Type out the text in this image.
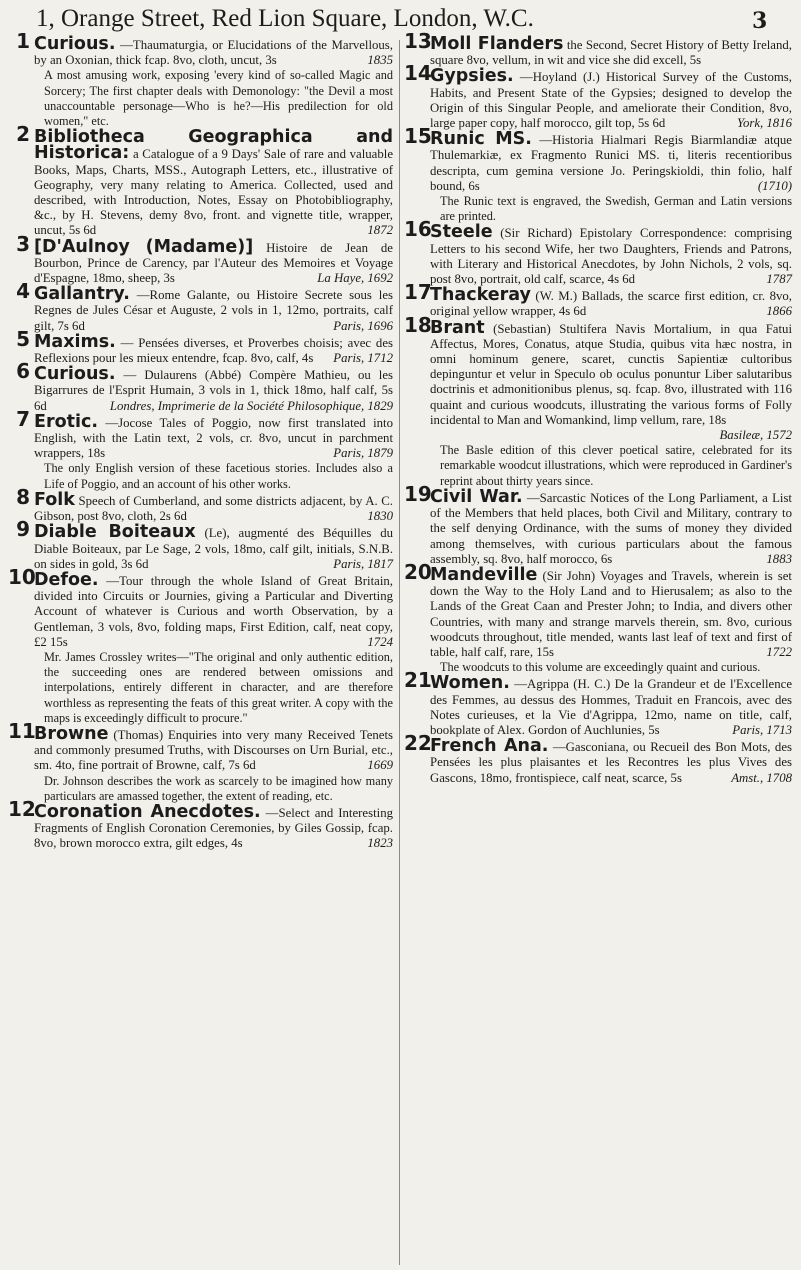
1, Orange Street, Red Lion Square, London, W.C.	3
1 Curious. —Thaumaturgia, or Elucidations of the Marvellous, by an Oxonian, thick fcap. 8vo, cloth, uncut, 3s	1835
A most amusing work, exposing 'every kind of so-called Magic and Sorcery; The first chapter deals with Demonology: "the Devil a most unaccountable personage—Who is he?—His predilection for old women," etc.
2 Bibliotheca Geographica and Historica: a Catalogue of a 9 Days' Sale of rare and valuable Books, Maps, Charts, MSS., Autograph Letters, etc., illustrative of Geography, very many relating to America. Collected, used and described, with Introduction, Notes, Essay on Photobibliography, &c., by H. Stevens, demy 8vo, front. and vignette title, wrapper, uncut, 5s 6d	1872
3 [D'Aulnoy (Madame)] Histoire de Jean de Bourbon, Prince de Carency, par l'Auteur des Memoires et Voyage d'Espagne, 18mo, sheep, 3s	La Haye, 1692
4 Gallantry. —Rome Galante, ou Histoire Secrete sous les Regnes de Jules César et Auguste, 2 vols in 1, 12mo, portraits, calf gilt, 7s 6d	Paris, 1696
5 Maxims. — Pensées diverses, et Proverbes choisis; avec des Reflexions pour les mieux entendre, fcap. 8vo, calf, 4s Paris, 1712
6 Curious. — Dulaurens (Abbé) Compère Mathieu, ou les Bigarrures de l'Esprit Humain, 3 vols in 1, thick 18mo, half calf, 5s 6d	Londres, Imprimerie de la Société Philosophique, 1829
7 Erotic. —Jocose Tales of Poggio, now first translated into English, with the Latin text, 2 vols, cr. 8vo, uncut in parchment wrappers, 18s	Paris, 1879
The only English version of these facetious stories. Includes also a Life of Poggio, and an account of his other works.
8 Folk Speech of Cumberland, and some districts adjacent, by A. C. Gibson, post 8vo, cloth, 2s 6d	1830
9 Diable Boiteaux (Le), augmenté des Béquilles du Diable Boiteaux, par Le Sage, 2 vols, 18mo, calf gilt, initials, S.N.B. on sides in gold, 3s 6d	Paris, 1817
10
Defoe. —Tour through the whole Island of Great Britain, divided into Circuits or Journies, giving a Particular and Diverting Account of whatever is Curious and worth Observation, by a Gentleman, 3 vols, 8vo, folding maps, First Edition, calf, neat copy, £2 15s	1724
Mr. James Crossley writes—"The original and only authentic edition, the succeeding ones are rendered between omissions and interpolations, entirely different in character, and are therefore worthless as representing the feats of this great writer. A copy with the maps is exceedingly difficult to procure."
11
Browne (Thomas) Enquiries into very many Received Tenets and commonly presumed Truths, with Discourses on Urn Burial, etc., sm. 4to, fine portrait of Browne, calf, 7s 6d	1669
Dr. Johnson describes the work as scarcely to be imagined how many particulars are amassed together, the extent of reading, etc.
12
Coronation Anecdotes. —Select and Interesting Fragments of English Coronation Ceremonies, by Giles Gossip, fcap. 8vo, brown morocco extra, gilt edges, 4s	1823
13
Moll Flanders the Second, Secret History of Betty Ireland, square 8vo, vellum, in wit and vice she did excell, 5s
14
Gypsies. —Hoyland (J.) Historical Survey of the Customs, Habits, and Present State of the Gypsies; designed to develop the Origin of this Singular People, and ameliorate their Condition, 8vo, large paper copy, half morocco, gilt top, 5s 6d	York, 1816
15
Runic MS. —Historia Hialmari Regis Biarmlandiæ atque Thulemarkiæ, ex Fragmento Runici MS. ti, literis recentioribus descripta, cum gemina versione Jo. Peringskioldi, thin folio, half bound, 6s	(1710)
The Runic text is engraved, the Swedish, German and Latin versions are printed.
16
Steele (Sir Richard) Epistolary Correspondence: comprising Letters to his second Wife, her two Daughters, Friends and Patrons, with Literary and Historical Anecdotes, by John Nichols, 2 vols, sq. post 8vo, portrait, old calf, scarce, 4s 6d	1787
17
Thackeray (W. M.) Ballads, the scarce first edition, cr. 8vo, original yellow wrapper, 4s 6d	1866
18
Brant (Sebastian) Stultifera Navis Mortalium, in qua Fatui Affectus, Mores, Conatus, atque Studia, quibus vita hæc nostra, in omni hominum genere, scaret, cunctis Sapientiæ cultoribus depinguntur et velur in Speculo ob oculus ponuntur Liber salutaribus doctrinis et admonitionibus plenus, sq. fcap. 8vo, illustrated with 116 quaint and curious woodcuts, illustrating the various forms of Folly incidental to Man and Womankind, limp vellum, rare, 18s
Basileæ, 1572
The Basle edition of this clever poetical satire, celebrated for its remarkable woodcut illustrations, which were reproduced in Gardiner's reprint about thirty years since.
19
Civil War. —Sarcastic Notices of the Long Parliament, a List of the Members that held places, both Civil and Military, contrary to the self denying Ordinance, with the sums of money they divided among themselves, with curious particulars about the famous assembly, sq. 8vo, half morocco, 6s	1883
20
Mandeville (Sir John) Voyages and Travels, wherein is set down the Way to the Holy Land and to Hierusalem; as also to the Lands of the Great Caan and Prester John; to India, and divers other Countries, with many and strange marvels therein, sm. 8vo, curious woodcuts throughout, title mended, wants last leaf of text and first of table, half calf, rare, 15s	1722
The woodcuts to this volume are exceedingly quaint and curious.
21
Women. —Agrippa (H. C.) De la Grandeur et de l'Excellence des Femmes, au dessus des Hommes, Traduit en Francois, avec des Notes curieuses, et la Vie d'Agrippa, 12mo, name on title, calf, bookplate of Alex. Gordon of Auchlunies, 5s	Paris, 1713
22
French Ana. —Gasconiana, ou Recueil des Bon Mots, des Pensées les plus plaisantes et les Recontres les plus Vives des Gascons, 18mo, frontispiece, calf neat, scarce, 5s	Amst., 1708
